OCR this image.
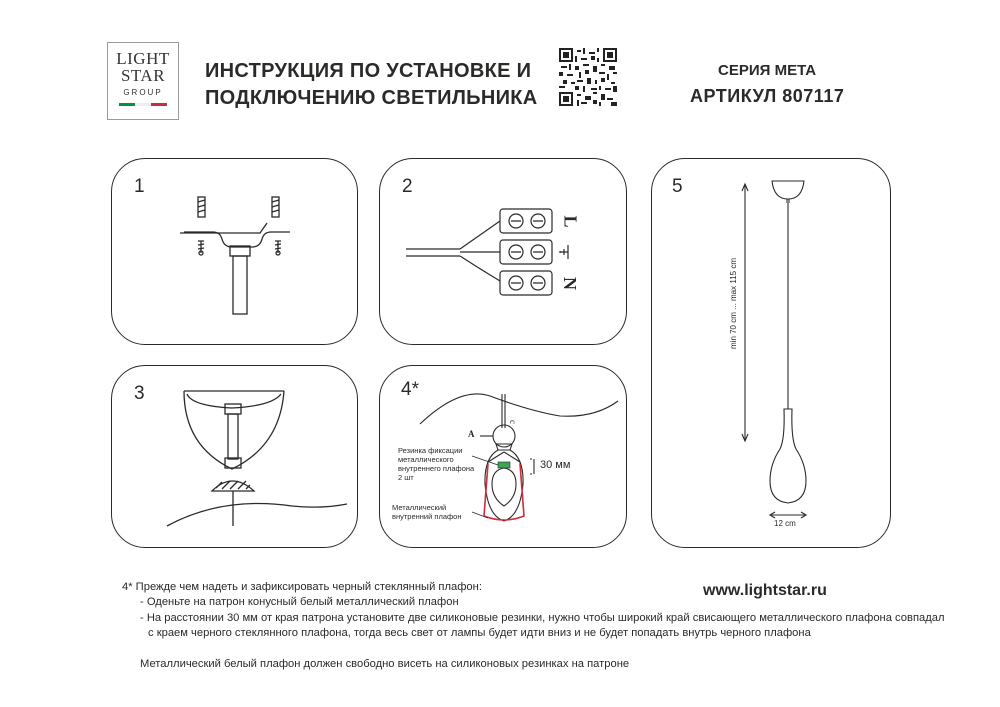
LIGHT
STAR
GROUP
ИНСТРУКЦИЯ ПО УСТАНОВКЕ И
ПОДКЛЮЧЕНИЮ СВЕТИЛЬНИКА
СЕРИЯ МЕТА
АРТИКУЛ 807117
1	2
L
N
3	4*
A
c
Резинка фиксации металлического внутреннего плафона 2 шт
30 мм
Металлический внутренний плафон
5
min 70 cm ... max 115 cm
12 cm
4* Прежде чем надеть и зафиксировать черный стеклянный плафон:
- Оденьте на патрон конусный белый металлический плафон
- На расстоянии 30 мм от края патрона установите две силиконовые резинки, нужно чтобы широкий край свисающего металлического плафона совпадал
с краем черного стеклянного плафона, тогда весь свет от лампы будет идти вниз и не будет попадать внутрь черного плафона
Металлический белый плафон должен свободно висеть на силиконовых резинках на патроне
www.lightstar.ru
